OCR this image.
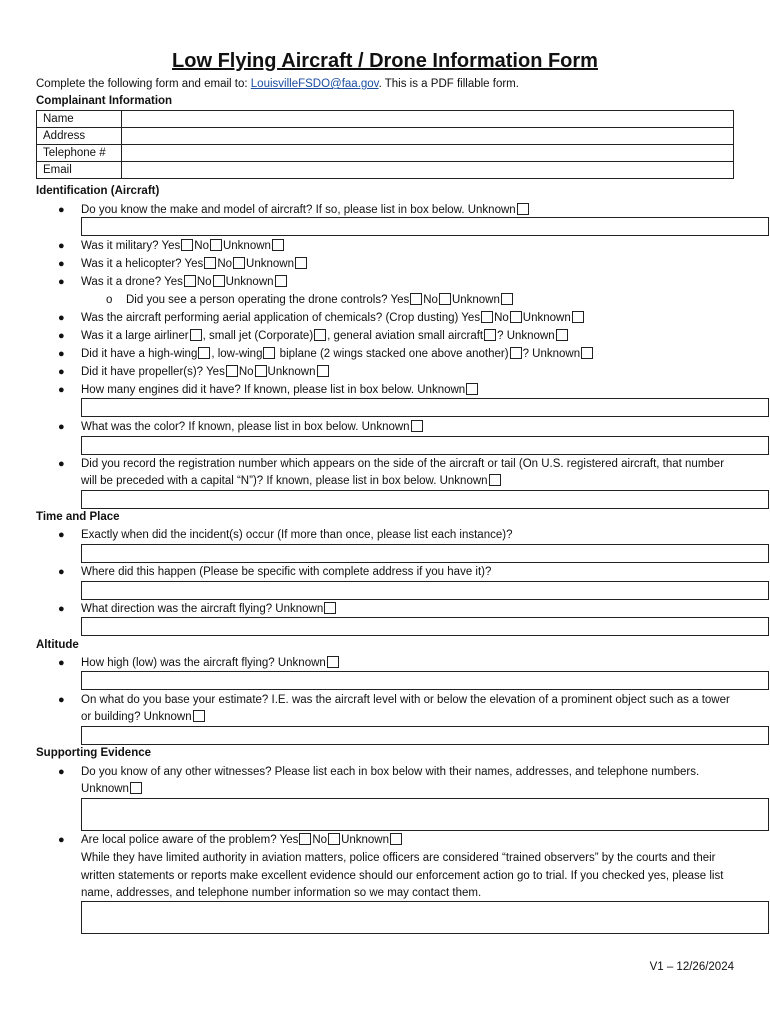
Low Flying Aircraft / Drone Information Form
Complete the following form and email to: LouisvilleFSDO@faa.gov. This is a PDF fillable form.
Complainant Information
Name	
Address	
Telephone #	
Email	
Identification (Aircraft)
● Do you know the make and model of aircraft? If so, please list in box below. Unknown
● Was it military? Yes No Unknown
● Was it a helicopter? Yes No Unknown
● Was it a drone? Yes No Unknown
o Did you see a person operating the drone controls? Yes No Unknown
● Was the aircraft performing aerial application of chemicals? (Crop dusting) Yes No Unknown
● Was it a large airliner , small jet (Corporate) , general aviation small aircraft ? Unknown
● Did it have a high-wing , low-wing biplane (2 wings stacked one above another) ? Unknown
● Did it have propeller(s)? Yes No Unknown
● How many engines did it have? If known, please list in box below. Unknown
● What was the color? If known, please list in box below. Unknown
● Did you record the registration number which appears on the side of the aircraft or tail (On U.S. registered aircraft, that number will be preceded with a capital “N”)? If known, please list in box below. Unknown
Time and Place
● Exactly when did the incident(s) occur (If more than once, please list each instance)?
● Where did this happen (Please be specific with complete address if you have it)?
● What direction was the aircraft flying? Unknown
Altitude
● How high (low) was the aircraft flying? Unknown
● On what do you base your estimate? I.E. was the aircraft level with or below the elevation of a prominent object such as a tower or building? Unknown
Supporting Evidence
● Do you know of any other witnesses? Please list each in box below with their names, addresses, and telephone numbers. Unknown
● Are local police aware of the problem? Yes No Unknown
While they have limited authority in aviation matters, police officers are considered “trained observers” by the courts and their written statements or reports make excellent evidence should our enforcement action go to trial. If you checked yes, please list name, addresses, and telephone number information so we may contact them.
V1 – 12/26/2024
